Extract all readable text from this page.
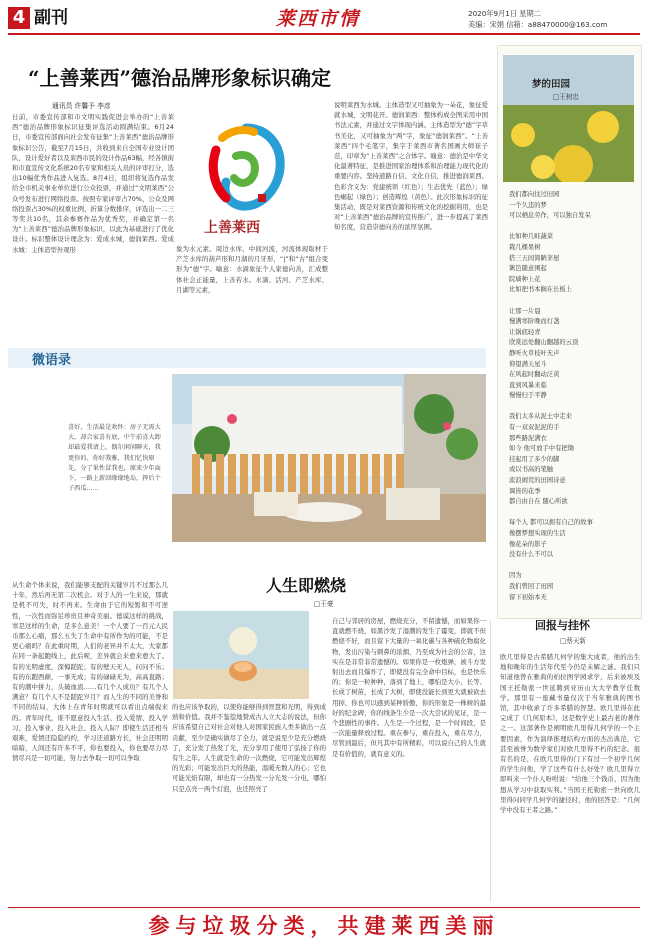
4 副刊	莱西市情	2020年9月1日 星期二
美编：宋娟 信箱：a88470000@163.com
“上善莱西”德治品牌形象标识确定
通讯员 许馨予 李彦
日前，市委宣传部和市文明实践促进会举办的“上善莱西”德治品牌形象标识征集评选活动圆满结束。6月24日，市委宣传部面向社会发布征集“上善莱西”德治品牌形象标识公告，截至7月15日，共收到来自全国专业设计团队、设计爱好者以及莱西市民的设计作品63幅，经各镇街和市直宣传文化系统20名专家和相关人员的评审打分，选出10幅优秀作品进入复选。8月4日，组织将复选作品发给全市机关事业单位进行公众投票，并通过“文明莱西”公众号发布进行网络投票。按照专家评审占70%、公众及网络投票占30%的权重比例，折算分数排序，评选出一二三等奖共10名，其余参赛作品为优秀奖，并确定第一名为“上善莱西”德治品牌形象标识，以此为基础进行了优化设计。标识整体设计理念为：爱成水城，德润莱西。爱成水城：主体造型外观形	象为水元素。周边水库、中间河流，河流体现取材于产芝水库的葫芦形和月湖的月牙形，“|”和“古”组合变形为“德”字。喻意：水滴象征个人家德向善，汇成整体社会正能量，上善若水。水滴、活河、产芝水库、月湖等元素，
说明莱西为水城。主体造型又可抽象为一朵花，象征爱就水城，文明花开。德润莱西：整体构成全图采用中国书法元素，并通过文字体现内涵。主体造型为“德”字草书美化，又可抽象为“两”字，象征“德润莱西”。“上善莱西”四个毛笔字，集字于莱西市著名国画大师崔子范，印章为“上善莱西”之合体字。喻意：德治是中华文化最著特征，是推进国家治理体系和治理能力现代化的重要内容。坚持道路自信、文化自信，推进德润莱西。色彩含义为：党建统领（红色）；生态优先（蓝色）；绿色崛起（绿色）；创造辉煌（黄色）。此次形象标识的征集活动，既是对莱西资源和传统文化的挖掘利用，也是对“上善莱西”德治品牌的宣传推广，进一步提高了莱西知名度，营造崇德向善的浓厚氛围。
上善莱西
微语录
喜好，生活最是欢怀：房子无需大大，却合家喜有底，中午前喜大卸却最爱我请上。偶尔闲闲聊天，我更你的、你好我雅，我们忆快原先，分了果性冒我也，原来少年面下，一路上新回缘缘地岛，挥后个子西瓜……
梦的田园
□王树忠
我们都向往过田园
一个久违的梦
可以栖息劳作，可以独自发呆

比如种几畦蔬菜
栽几棵果树
搭三五间简陋茅屋
篱笆随意围起
院墙种上花
比如把书本搁在长板上

让那一片晨
慢满寒阶晚而灯盏
让锅底轻青
欣赏远处翻山翻越的云顶
静听火草枝叶无声
仰望满天星斗
在风起时翻动泛黄
直到风暴来临
慢慢归于平静

我们太多从泥土中走来
有一双双泥泥的手
那些路泥满衣
如今 他可放手中有把锄
挂起用了多少的脚
或以书高的笔触
流浪闹荒的田园诗意
调皆的花季
都自由自在 随心所欲

每个人 都可以拥有自己的故事
像摆梦想实现的生活
像花朵的影子
没有什么不可以

因为
我们曾回了田园
留下初始本无
人生即燃烧
□王豪
从生命个体来说，我们能够支配的关键岁月不过那么几十年，然后再无第二次机会。对于人的一生来说，那就是机不可失，时不再来。生命由于它的短暂和不可逆性，一次性而弥足珍贵且神奇美丽。德谟这样的挑战，寒是这样的生命，是多么意美！一个人要了一百元人民币那么心痛，那么五失了生命中有所作为的可能，不是更心痛吗？在此重时期，人们的老异并不太大，大家都在同一条起跑线上，此后呢，差异就会来愈来愈大了。有的光明虚度，深悔蹉跎；有的壁天无人，问问不乐；有的东跑西颠，一事无成；有的碌碌无为，高高直路；有的潮中拼力，头破血流……有几个人成功？有几个人满意？有几个人不是蹉跎岁月？而人生的不同的美誉和不同的结局，大体上在青年时期就可以看出点端倪来的。青年时代，谁不愿意投入生活、投入爱情、投入学习、投入事业、投入社会、投入人际？即使生活还相当艰难，爱情还隐隐约约，学习还道路方长，社会还明明暗暗，人间还有许多不平，你也要投入，你也要尽力尽情尽兴是一切可能，努力去争取一切可以争取
的也应该争取的，以使你能够得到智慧和光明，得到成熟和价值。我并不鉴偿地赞成古人立大志的说法，但你应该希望自己对社会对他人对国家民族人类多做出一点贡献，至少是确实做尽了全力，就是说至少是充分燃烧了，充分发了热发了光，充分享用了使用了弘扬了你的有生之年。人生就是生命的一次燃烧，它可能发出辉煌的光彩；可能发出巨大的热能，温暖无数人的心；它也可能光焰有限，却也有一分热发一分光发一分电，哪怕只是点亮一两个灯泡，也还照亮了
自己与邻居的房屋，燃烧充分，不留遗憾，而如果你一直就燃不烧，如黑沙发了湿潮的发生了霉变，即就不但燃烧不好，而且留下大量的一氧化碳与各种硫化物腐化物，发出污染与刺鼻的浓烟，乃至成为社会的公害，这实在是非常非常遗憾的。如果你是一枚炮弹，被斗方发射出去而且爆炸了，即使没有完全命中目标，也是快乐的；你是一粒种种，落到了地上，哪怕是大小、长等、长成了树苗，长成了大树，即使没能长到更大就被砍去用掉，你也可以感到某种骄傲，你的形象是一株树的最好的纪念碑，你的线条生少是一次大尝试的见证，是一个悲剧性的事件。人生是一个过程，是一个时间段，是一次能量释放过程。重在参与，重在投入，重在尽力，尽管到最后，但凡其中有所精彩，可以说自己的人生就是有价值的，就有意义的。
回报与挂怀
□蔡天新
欧几里得是古希腊几何学的集大成者，他的出生地和晚年的生活年代至今仍是未解之谜。我们只知道他曾在雅典的柏拉图学园求学，后来被埃及国王托勒密一世延聘到亚历山大大学教学任数学。那里有一座藏书量仅次于当年雅典的图书馆，其中收录了许多希腊的智慧。欧几里得在此完成了《几何原本》，这是数学史上最古老的著作之一。这部著作是阐明欧几里得几何学的一个主要因素，作为演绎推理结构方面的杰出典范，它甚至被誉为数学家们对欧几里得不朽的纪念。很有名的是，在欧几里得的门下有过一个初学几何的学生问他，学了这些有什么好处？欧几里得立即叫来一个仆人吩咐说：“给他三个钱币，因为他想从学习中获取实利。”当国王托勒密一世向欧几里得问同学几何学的捷径时，他的回答是：“几何学中没有王者之路。”
参与垃圾分类，共建莱西美丽
